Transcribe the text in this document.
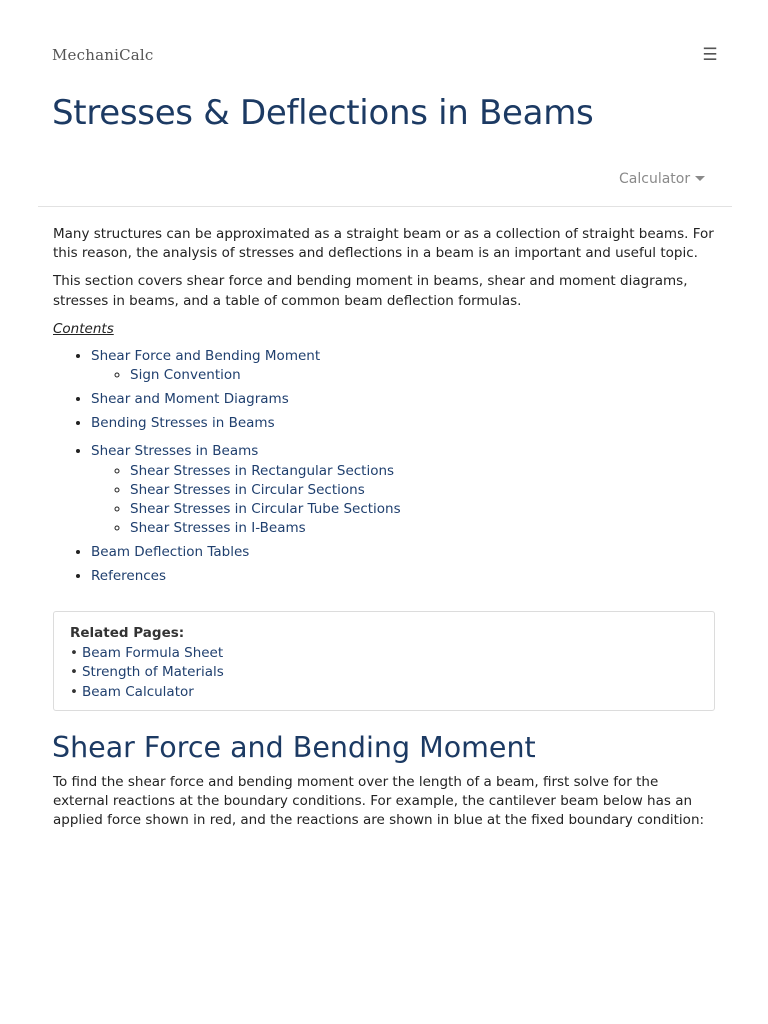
MechaniCalc	☰
Stresses & Deflections in Beams
Calculator

Many structures can be approximated as a straight beam or as a collection of straight beams. For this reason, the analysis of stresses and deflections in a beam is an important and useful topic.

This section covers shear force and bending moment in beams, shear and moment diagrams, stresses in beams, and a table of common beam deflection formulas.

Contents
• Shear Force and Bending Moment
◦ Sign Convention
• Shear and Moment Diagrams
• Bending Stresses in Beams
• Shear Stresses in Beams
◦ Shear Stresses in Rectangular Sections
◦ Shear Stresses in Circular Sections
◦ Shear Stresses in Circular Tube Sections
◦ Shear Stresses in I-Beams
• Beam Deflection Tables
• References
Related Pages:
• Beam Formula Sheet
• Strength of Materials
• Beam Calculator
Shear Force and Bending Moment

To find the shear force and bending moment over the length of a beam, first solve for the external reactions at the boundary conditions. For example, the cantilever beam below has an applied force shown in red, and the reactions are shown in blue at the fixed boundary condition:
